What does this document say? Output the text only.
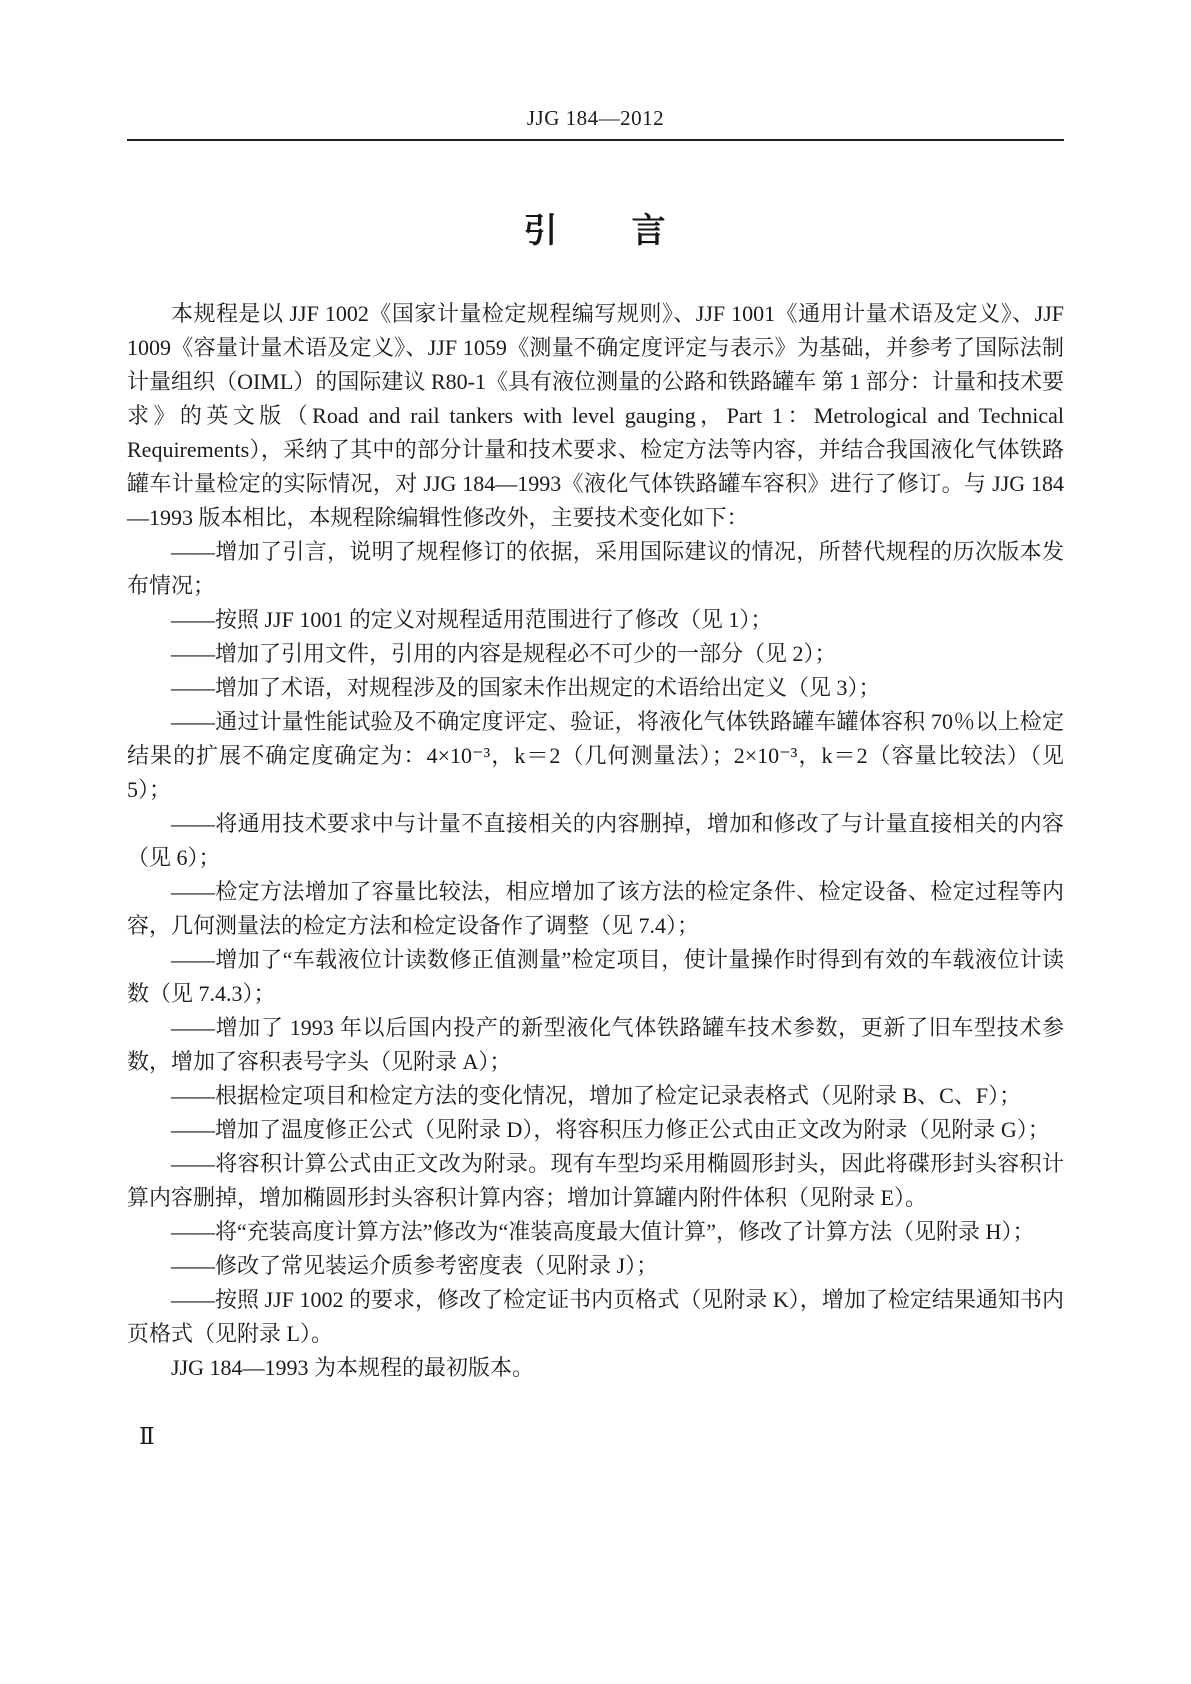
JJG 184—2012
引　　言

本规程是以 JJF 1002《国家计量检定规程编写规则》、JJF 1001《通用计量术语及定义》、JJF 1009《容量计量术语及定义》、JJF 1059《测量不确定度评定与表示》为基础，并参考了国际法制计量组织（OIML）的国际建议 R80-1《具有液位测量的公路和铁路罐车 第 1 部分：计量和技术要求》的英文版（Road and rail tankers with level gauging，Part 1：Metrological and Technical Requirements），采纳了其中的部分计量和技术要求、检定方法等内容，并结合我国液化气体铁路罐车计量检定的实际情况，对 JJG 184—1993《液化气体铁路罐车容积》进行了修订。与 JJG 184—1993 版本相比，本规程除编辑性修改外，主要技术变化如下：

——增加了引言，说明了规程修订的依据，采用国际建议的情况，所替代规程的历次版本发布情况；

——按照 JJF 1001 的定义对规程适用范围进行了修改（见 1）；

——增加了引用文件，引用的内容是规程必不可少的一部分（见 2）；

——增加了术语，对规程涉及的国家未作出规定的术语给出定义（见 3）；

——通过计量性能试验及不确定度评定、验证，将液化气体铁路罐车罐体容积 70％以上检定结果的扩展不确定度确定为：4×10⁻³，k＝2（几何测量法）；2×10⁻³，k＝2（容量比较法）（见 5）；

——将通用技术要求中与计量不直接相关的内容删掉，增加和修改了与计量直接相关的内容（见 6）；

——检定方法增加了容量比较法，相应增加了该方法的检定条件、检定设备、检定过程等内容，几何测量法的检定方法和检定设备作了调整（见 7.4）；

——增加了“车载液位计读数修正值测量”检定项目，使计量操作时得到有效的车载液位计读数（见 7.4.3）；

——增加了 1993 年以后国内投产的新型液化气体铁路罐车技术参数，更新了旧车型技术参数，增加了容积表号字头（见附录 A）；

——根据检定项目和检定方法的变化情况，增加了检定记录表格式（见附录 B、C、F）；

——增加了温度修正公式（见附录 D），将容积压力修正公式由正文改为附录（见附录 G）；

——将容积计算公式由正文改为附录。现有车型均采用椭圆形封头，因此将碟形封头容积计算内容删掉，增加椭圆形封头容积计算内容；增加计算罐内附件体积（见附录 E）。

——将“充装高度计算方法”修改为“准装高度最大值计算”，修改了计算方法（见附录 H）；

——修改了常见装运介质参考密度表（见附录 J）；

——按照 JJF 1002 的要求，修改了检定证书内页格式（见附录 K），增加了检定结果通知书内页格式（见附录 L）。

JJG 184—1993 为本规程的最初版本。

Ⅱ
